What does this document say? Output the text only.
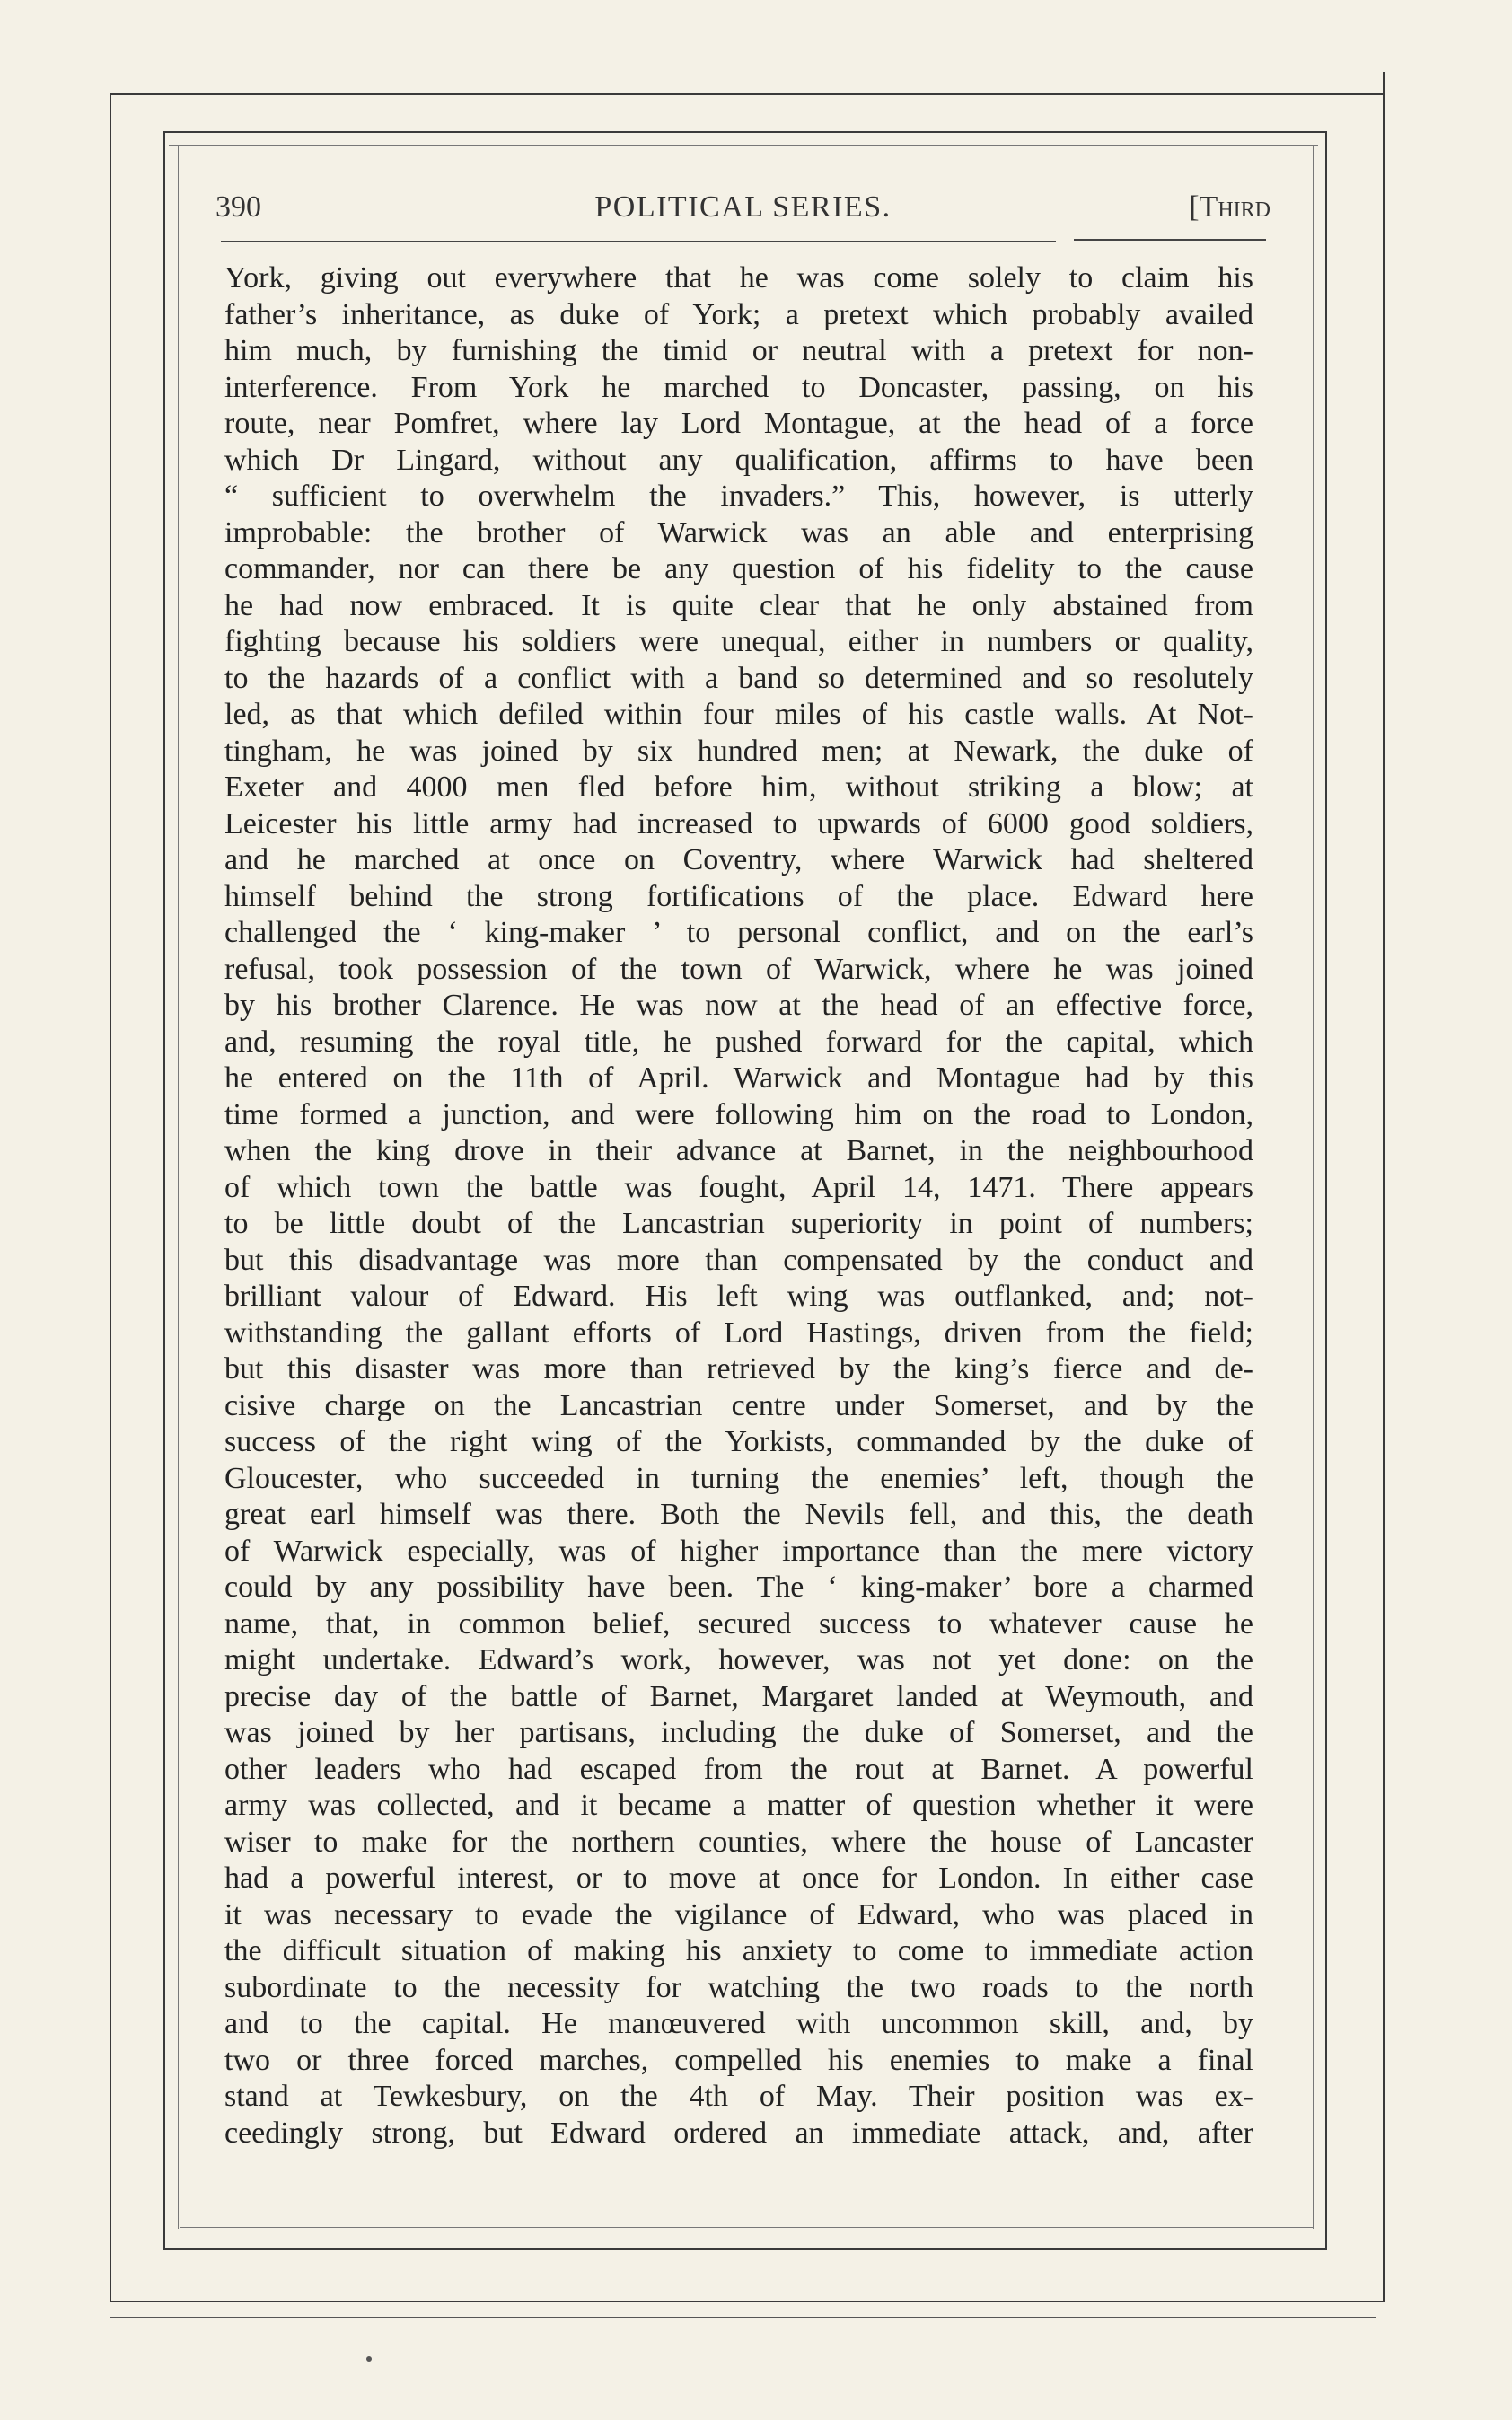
390	POLITICAL SERIES.	[Third
York, giving out everywhere that he was come solely to claim his
father’s inheritance, as duke of York; a pretext which probably availed
him much, by furnishing the timid or neutral with a pretext for non-
interference. From York he marched to Doncaster, passing, on his
route, near Pomfret, where lay Lord Montague, at the head of a force
which Dr Lingard, without any qualification, affirms to have been
“ sufficient to overwhelm the invaders.” This, however, is utterly
improbable: the brother of Warwick was an able and enterprising
commander, nor can there be any question of his fidelity to the cause
he had now embraced. It is quite clear that he only abstained from
fighting because his soldiers were unequal, either in numbers or quality,
to the hazards of a conflict with a band so determined and so resolutely
led, as that which defiled within four miles of his castle walls. At Not-
tingham, he was joined by six hundred men; at Newark, the duke of
Exeter and 4000 men fled before him, without striking a blow; at
Leicester his little army had increased to upwards of 6000 good soldiers,
and he marched at once on Coventry, where Warwick had sheltered
himself behind the strong fortifications of the place. Edward here
challenged the ‘ king-maker ’ to personal conflict, and on the earl’s
refusal, took possession of the town of Warwick, where he was joined
by his brother Clarence. He was now at the head of an effective force,
and, resuming the royal title, he pushed forward for the capital, which
he entered on the 11th of April. Warwick and Montague had by this
time formed a junction, and were following him on the road to London,
when the king drove in their advance at Barnet, in the neighbourhood
of which town the battle was fought, April 14, 1471. There appears
to be little doubt of the Lancastrian superiority in point of numbers;
but this disadvantage was more than compensated by the conduct and
brilliant valour of Edward. His left wing was outflanked, and; not-
withstanding the gallant efforts of Lord Hastings, driven from the field;
but this disaster was more than retrieved by the king’s fierce and de-
cisive charge on the Lancastrian centre under Somerset, and by the
success of the right wing of the Yorkists, commanded by the duke of
Gloucester, who succeeded in turning the enemies’ left, though the
great earl himself was there. Both the Nevils fell, and this, the death
of Warwick especially, was of higher importance than the mere victory
could by any possibility have been. The ‘ king-maker’ bore a charmed
name, that, in common belief, secured success to whatever cause he
might undertake. Edward’s work, however, was not yet done: on the
precise day of the battle of Barnet, Margaret landed at Weymouth, and
was joined by her partisans, including the duke of Somerset, and the
other leaders who had escaped from the rout at Barnet. A powerful
army was collected, and it became a matter of question whether it were
wiser to make for the northern counties, where the house of Lancaster
had a powerful interest, or to move at once for London. In either case
it was necessary to evade the vigilance of Edward, who was placed in
the difficult situation of making his anxiety to come to immediate action
subordinate to the necessity for watching the two roads to the north
and to the capital. He manœuvered with uncommon skill, and, by
two or three forced marches, compelled his enemies to make a final
stand at Tewkesbury, on the 4th of May. Their position was ex-
ceedingly strong, but Edward ordered an immediate attack, and, after
